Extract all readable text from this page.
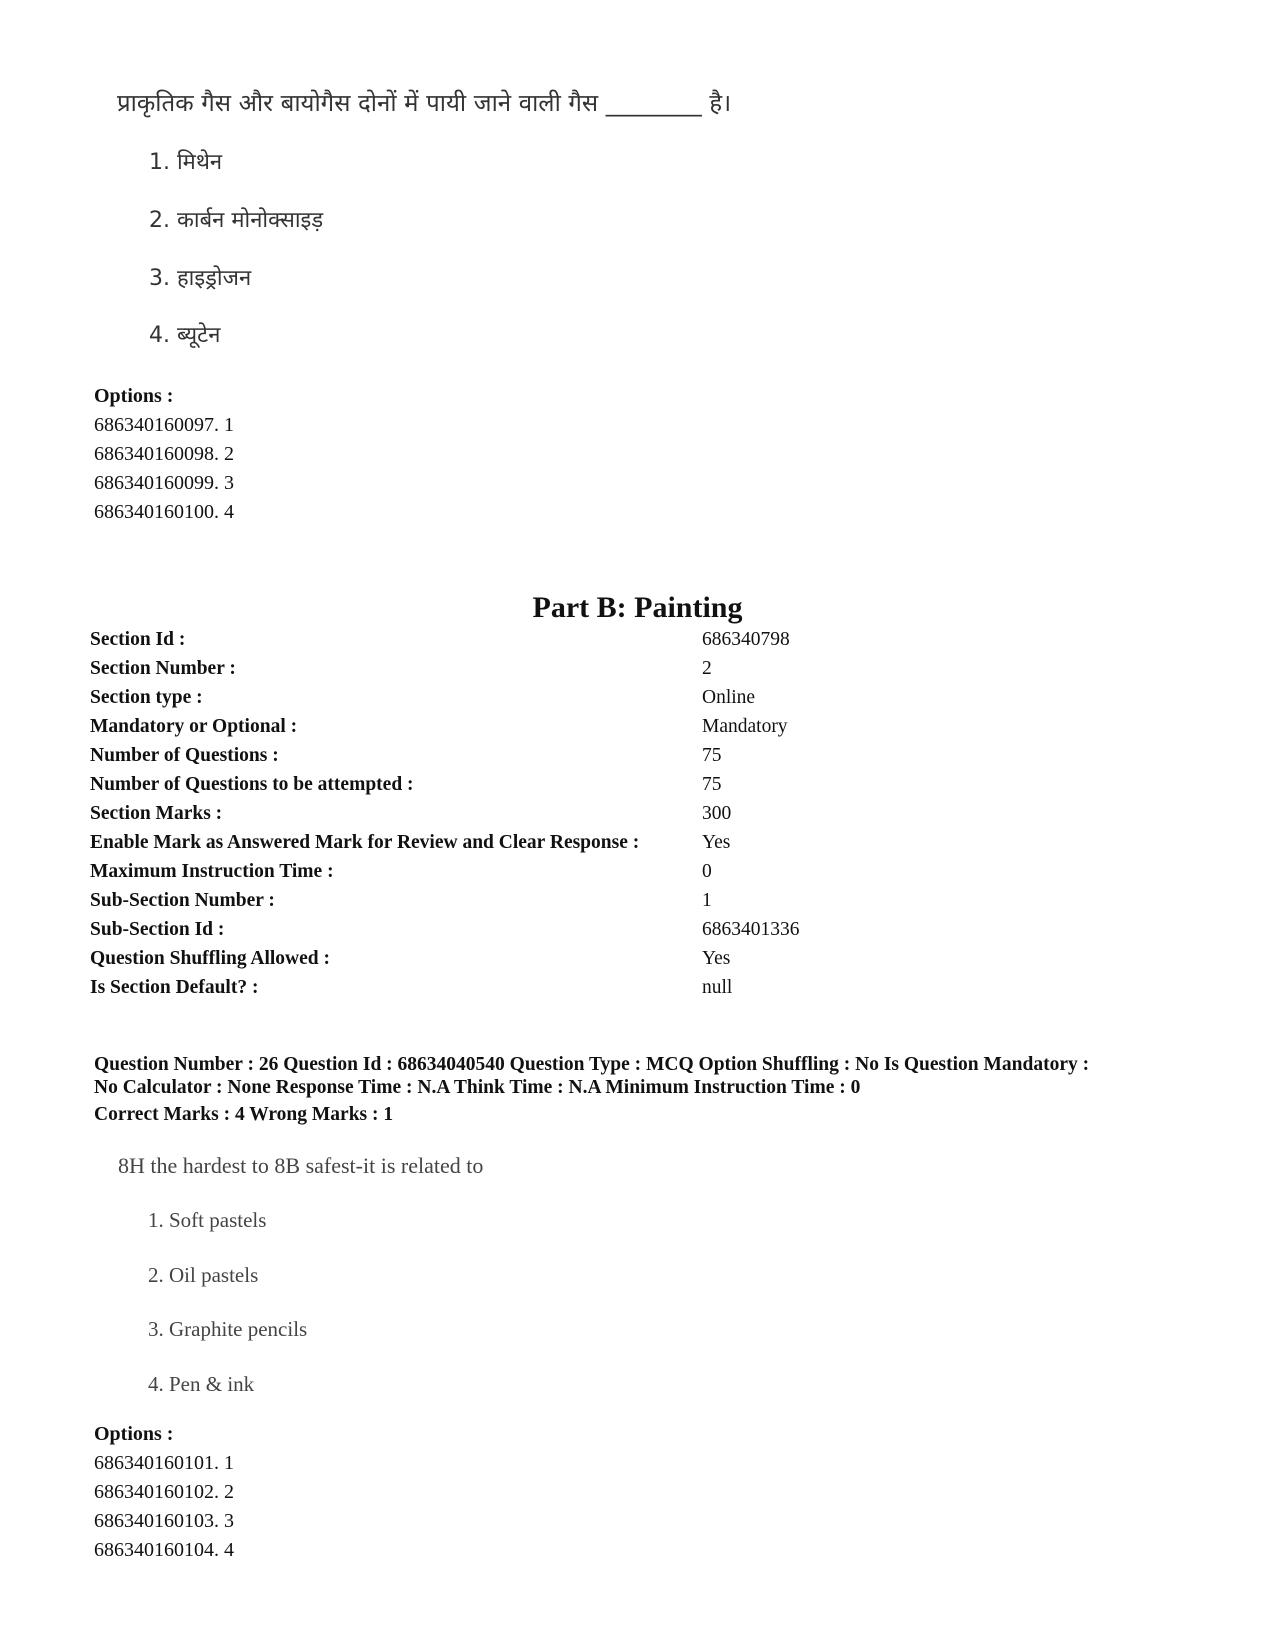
प्राकृतिक गैस और बायोगैस दोनों में पायी जाने वाली गैस ________ है।
1. मिथेन
2. कार्बन मोनोक्साइड़
3. हाइड्रोजन
4. ब्यूटेन
Options :
686340160097. 1
686340160098. 2
686340160099. 3
686340160100. 4
Part B: Painting
Section Id :	686340798
Section Number :	2
Section type :	Online
Mandatory or Optional :	Mandatory
Number of Questions :	75
Number of Questions to be attempted :	75
Section Marks :	300
Enable Mark as Answered Mark for Review and Clear Response :	Yes
Maximum Instruction Time :	0
Sub-Section Number :	1
Sub-Section Id :	6863401336
Question Shuffling Allowed :	Yes
Is Section Default? :	null
Question Number : 26 Question Id : 68634040540 Question Type : MCQ Option Shuffling : No Is Question Mandatory :
No Calculator : None Response Time : N.A Think Time : N.A Minimum Instruction Time : 0
Correct Marks : 4 Wrong Marks : 1
8H the hardest to 8B safest-it is related to
1. Soft pastels
2. Oil pastels
3. Graphite pencils
4. Pen & ink
Options :
686340160101. 1
686340160102. 2
686340160103. 3
686340160104. 4
